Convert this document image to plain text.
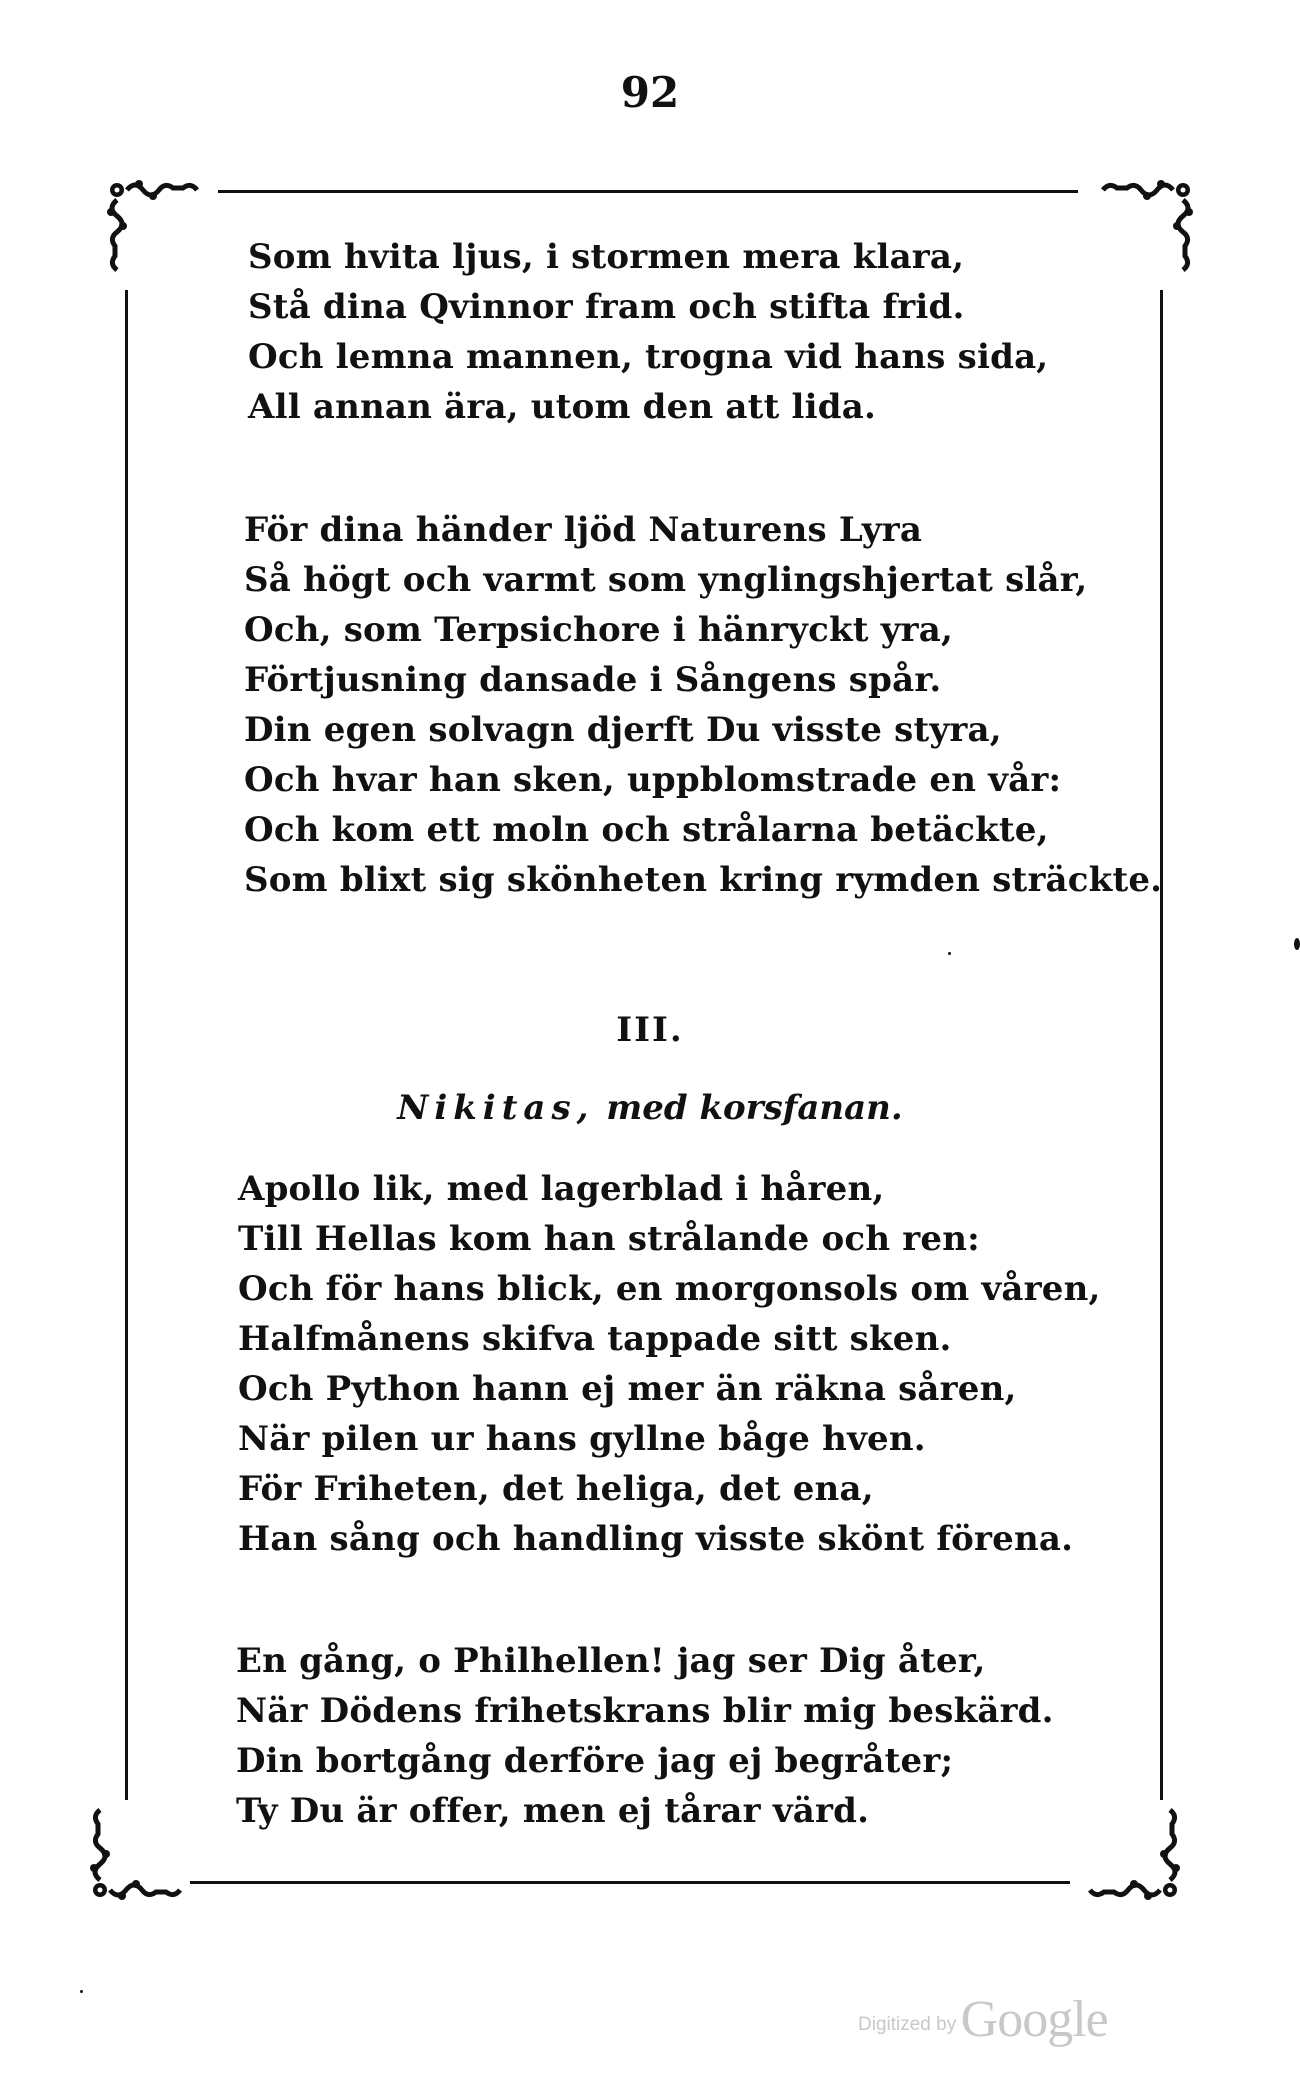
92
Som hvita ljus, i stormen mera klara,
Stå dina Qvinnor fram och stifta frid.
Och lemna mannen, trogna vid hans sida,
All annan ära, utom den att lida.
För dina händer ljöd Naturens Lyra
Så högt och varmt som ynglingshjertat slår,
Och, som Terpsichore i hänryckt yra,
Förtjusning dansade i Sångens spår.
Din egen solvagn djerft Du visste styra,
Och hvar han sken, uppblomstrade en vår:
Och kom ett moln och strålarna betäckte,
Som blixt sig skönheten kring rymden sträckte.
III.
Nikitas, med korsfanan.
Apollo lik, med lagerblad i håren,
Till Hellas kom han strålande och ren:
Och för hans blick, en morgonsols om våren,
Halfmånens skifva tappade sitt sken.
Och Python hann ej mer än räkna såren,
När pilen ur hans gyllne båge hven.
För Friheten, det heliga, det ena,
Han sång och handling visste skönt förena.
En gång, o Philhellen! jag ser Dig åter,
När Dödens frihetskrans blir mig beskärd.
Din bortgång derföre jag ej begråter;
Ty Du är offer, men ej tårar värd.
Digitized by Google
